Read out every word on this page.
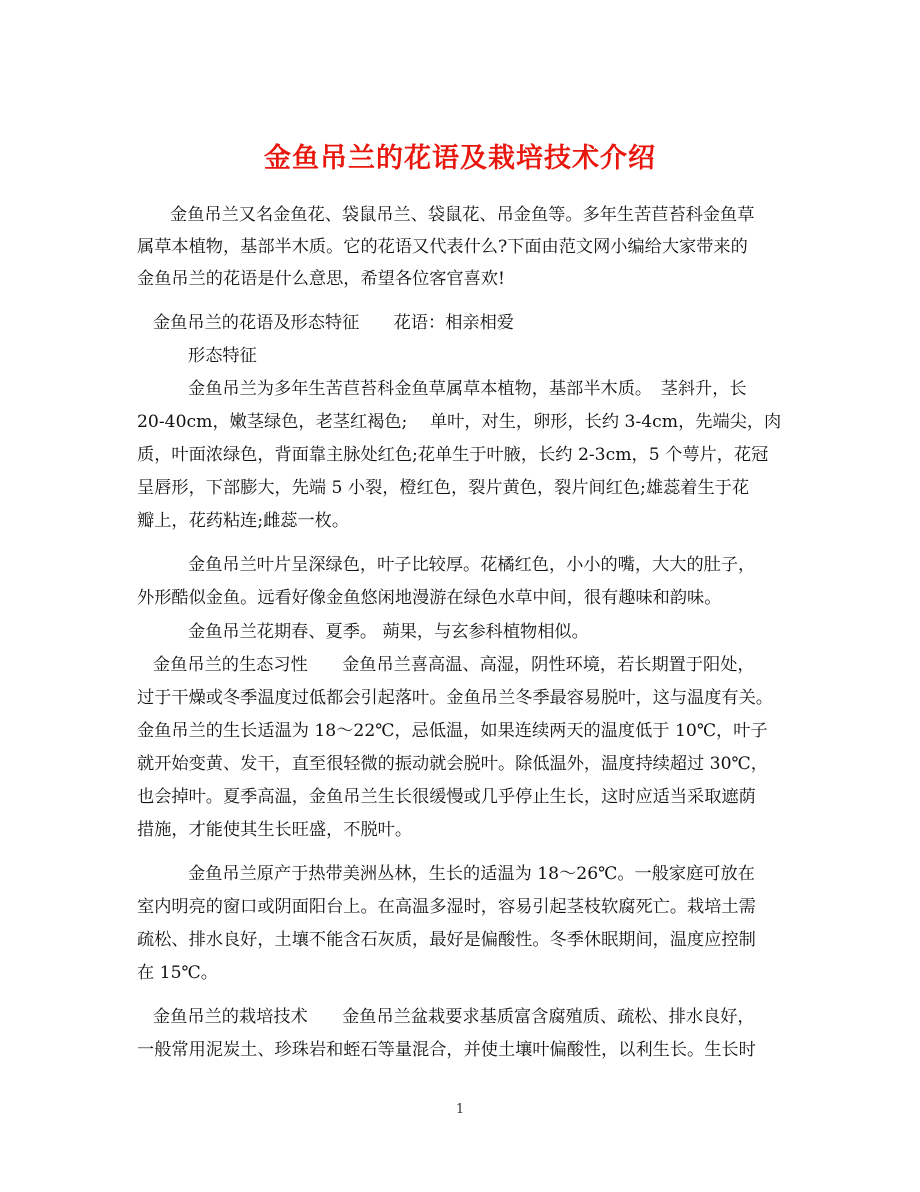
金鱼吊兰的花语及栽培技术介绍
金鱼吊兰又名金鱼花、袋鼠吊兰、袋鼠花、吊金鱼等。多年生苦苣苔科金鱼草
属草本植物，基部半木质。它的花语又代表什么?下面由范文网小编给大家带来的
金鱼吊兰的花语是什么意思，希望各位客官喜欢!
金鱼吊兰的花语及形态特征　　花语：相亲相爱
形态特征
金鱼吊兰为多年生苦苣苔科金鱼草属草本植物，基部半木质。　茎斜升，长
20-40cm，嫩茎绿色，老茎红褐色;　 单叶，对生，卵形，长约 3-4cm，先端尖，肉
质，叶面浓绿色，背面靠主脉处红色;花单生于叶腋，长约 2-3cm，5 个萼片，花冠
呈唇形，下部膨大，先端 5 小裂，橙红色，裂片黄色，裂片间红色;雄蕊着生于花
瓣上，花药粘连;雌蕊一枚。
金鱼吊兰叶片呈深绿色，叶子比较厚。花橘红色，小小的嘴，大大的肚子，
外形酷似金鱼。远看好像金鱼悠闲地漫游在绿色水草中间，很有趣味和韵味。
金鱼吊兰花期春、夏季。 蒴果，与玄参科植物相似。
金鱼吊兰的生态习性　　金鱼吊兰喜高温、高湿，阴性环境，若长期置于阳处，
过于干燥或冬季温度过低都会引起落叶。金鱼吊兰冬季最容易脱叶，这与温度有关。
金鱼吊兰的生长适温为 18～22℃，忌低温，如果连续两天的温度低于 10℃，叶子
就开始变黄、发干，直至很轻微的振动就会脱叶。除低温外，温度持续超过 30℃，
也会掉叶。夏季高温，金鱼吊兰生长很缓慢或几乎停止生长，这时应适当采取遮荫
措施，才能使其生长旺盛，不脱叶。
金鱼吊兰原产于热带美洲丛林，生长的适温为 18～26℃。一般家庭可放在
室内明亮的窗口或阴面阳台上。在高温多湿时，容易引起茎枝软腐死亡。栽培土需
疏松、排水良好，土壤不能含石灰质，最好是偏酸性。冬季休眠期间，温度应控制
在 15℃。
金鱼吊兰的栽培技术　　金鱼吊兰盆栽要求基质富含腐殖质、疏松、排水良好，
一般常用泥炭土、珍珠岩和蛭石等量混合，并使土壤叶偏酸性，以利生长。生长时
1
